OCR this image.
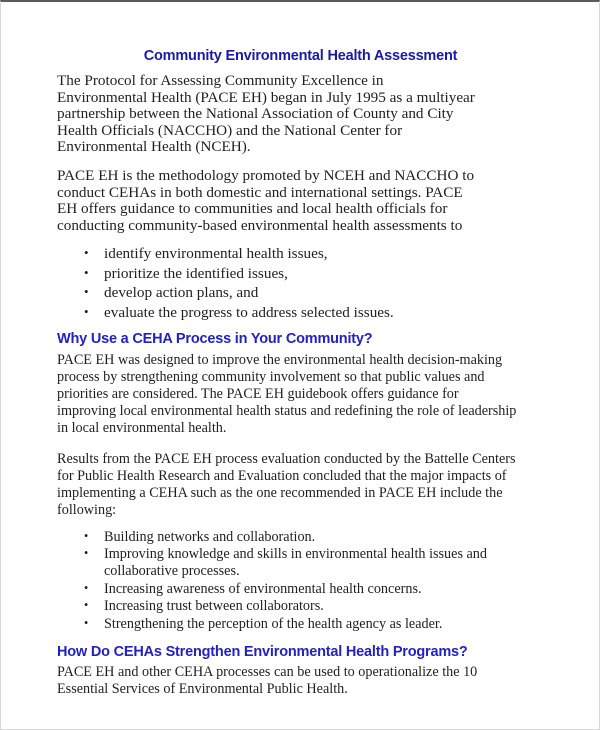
Community Environmental Health Assessment

The Protocol for Assessing Community Excellence in Environmental Health (PACE EH) began in July 1995 as a multiyear partnership between the National Association of County and City Health Officials (NACCHO) and the National Center for Environmental Health (NCEH).

PACE EH is the methodology promoted by NCEH and NACCHO to conduct CEHAs in both domestic and international settings. PACE EH offers guidance to communities and local health officials for conducting community-based environmental health assessments to

• identify environmental health issues,
• prioritize the identified issues,
• develop action plans, and
• evaluate the progress to address selected issues.
Why Use a CEHA Process in Your Community?

PACE EH was designed to improve the environmental health decision-making process by strengthening community involvement so that public values and priorities are considered. The PACE EH guidebook offers guidance for improving local environmental health status and redefining the role of leadership in local environmental health.

Results from the PACE EH process evaluation conducted by the Battelle Centers for Public Health Research and Evaluation concluded that the major impacts of implementing a CEHA such as the one recommended in PACE EH include the following:

• Building networks and collaboration.
• Improving knowledge and skills in environmental health issues and collaborative processes.
• Increasing awareness of environmental health concerns.
• Increasing trust between collaborators.
• Strengthening the perception of the health agency as leader.
How Do CEHAs Strengthen Environmental Health Programs?

PACE EH and other CEHA processes can be used to operationalize the 10 Essential Services of Environmental Public Health.
